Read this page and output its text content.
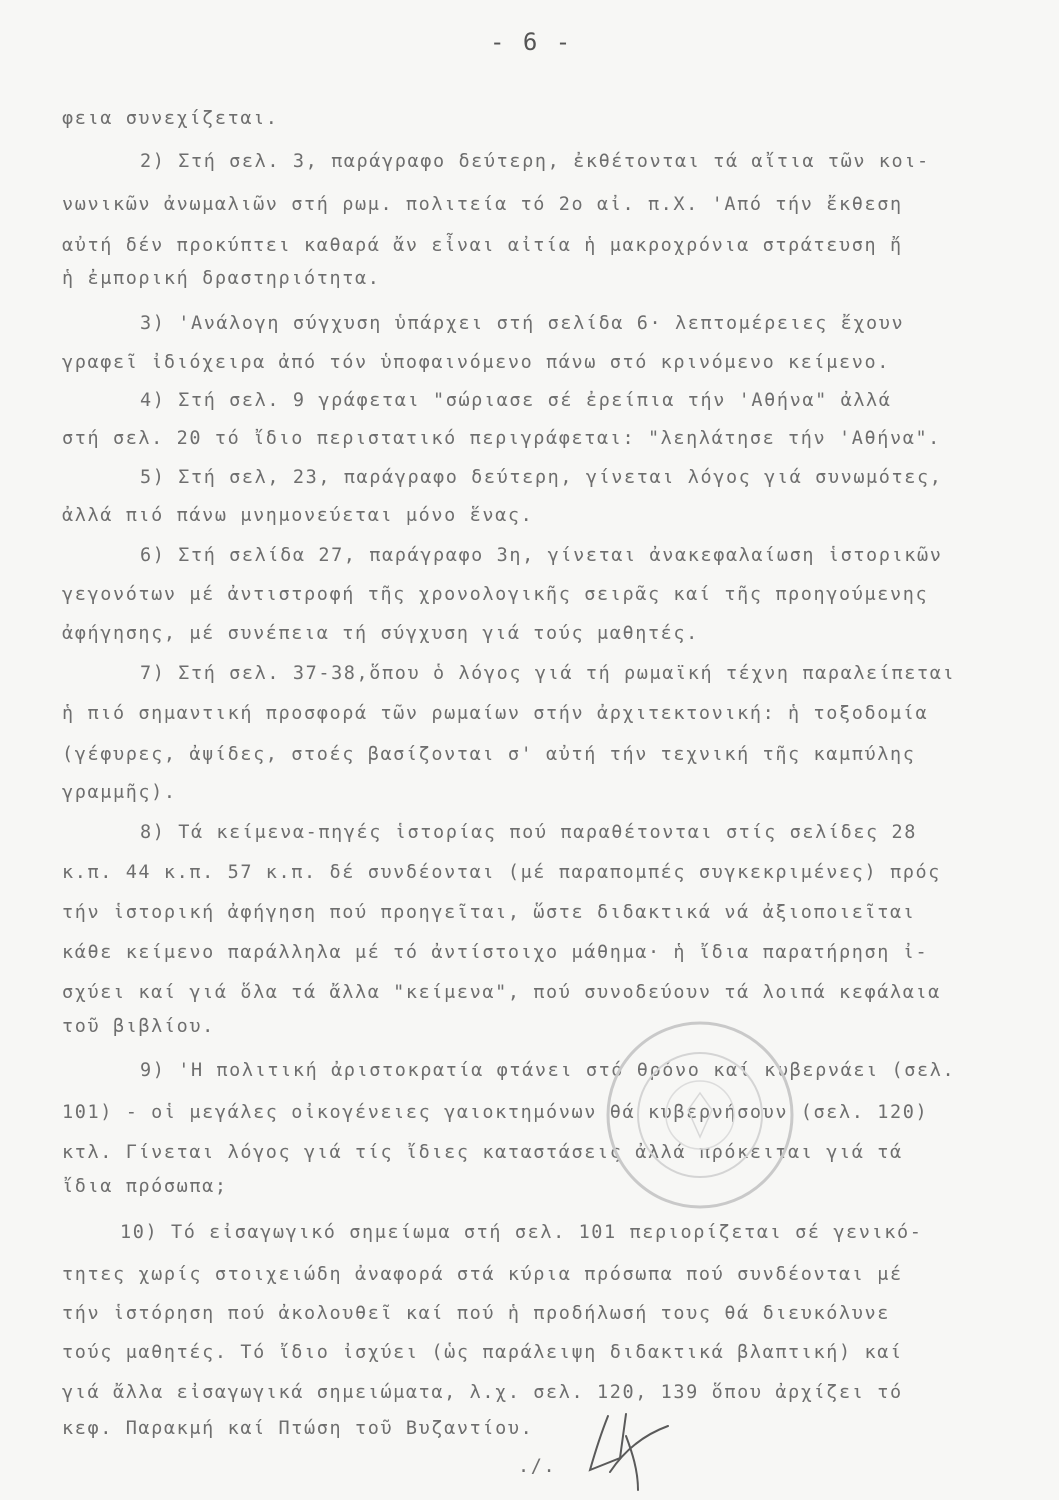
- 6 -
φεια συνεχίζεται.
2) Στή σελ. 3, παράγραφο δεύτερη, ἐκθέτονται τά αἴτια τῶν κοι-
νωνικῶν ἀνωμαλιῶν στή ρωμ. πολιτεία τό 2ο αἰ. π.Χ. 'Από τήν ἔκθεση
αὐτή δέν προκύπτει καθαρά ἄν εἶναι αἰτία ἡ μακροχρόνια στράτευση ἤ
ἡ ἐμπορική δραστηριότητα.
3) 'Ανάλογη σύγχυση ὑπάρχει στή σελίδα 6· λεπτομέρειες ἔχουν
γραφεῖ ἰδιόχειρα ἀπό τόν ὑποφαινόμενο πάνω στό κρινόμενο κείμενο.
4) Στή σελ. 9 γράφεται "σώριασε σέ ἐρείπια τήν 'Αθήνα" ἀλλά
στή σελ. 20 τό ἴδιο περιστατικό περιγράφεται: "λεηλάτησε τήν 'Αθήνα".
5) Στή σελ, 23, παράγραφο δεύτερη, γίνεται λόγος γιά συνωμότες,
ἀλλά πιό πάνω μνημονεύεται μόνο ἕνας.
6) Στή σελίδα 27, παράγραφο 3η, γίνεται ἀνακεφαλαίωση ἱστορικῶν
γεγονότων μέ ἀντιστροφή τῆς χρονολογικῆς σειρᾶς καί τῆς προηγούμενης
ἀφήγησης, μέ συνέπεια τή σύγχυση γιά τούς μαθητές.
7) Στή σελ. 37-38,ὅπου ὁ λόγος γιά τή ρωμαϊκή τέχνη παραλείπεται
ἡ πιό σημαντική προσφορά τῶν ρωμαίων στήν ἀρχιτεκτονική: ἡ τοξοδομία
(γέφυρες, ἀψίδες, στοές βασίζονται σ' αὐτή τήν τεχνική τῆς καμπύλης
γραμμῆς).
8) Τά κείμενα-πηγές ἱστορίας πού παραθέτονται στίς σελίδες 28
κ.π. 44 κ.π. 57 κ.π. δέ συνδέονται (μέ παραπομπές συγκεκριμένες) πρός
τήν ἱστορική ἀφήγηση πού προηγεῖται, ὥστε διδακτικά νά ἀξιοποιεῖται
κάθε κείμενο παράλληλα μέ τό ἀντίστοιχο μάθημα· ἡ ἴδια παρατήρηση ἰ-
σχύει καί γιά ὅλα τά ἄλλα "κείμενα", πού συνοδεύουν τά λοιπά κεφάλαια
τοῦ βιβλίου.
9) 'Η πολιτική ἀριστοκρατία φτάνει στό θρόνο καί κυβερνάει (σελ.
101) - οἱ μεγάλες οἰκογένειες γαιοκτημόνων θά κυβερνήσουν (σελ. 120)
κτλ. Γίνεται λόγος γιά τίς ἴδιες καταστάσεις ἀλλά πρόκειται γιά τά
ἴδια πρόσωπα;
10) Τό εἰσαγωγικό σημείωμα στή σελ. 101 περιορίζεται σέ γενικό-
τητες χωρίς στοιχειώδη ἀναφορά στά κύρια πρόσωπα πού συνδέονται μέ
τήν ἱστόρηση πού ἀκολουθεῖ καί πού ἡ προδήλωσή τους θά διευκόλυνε
τούς μαθητές. Τό ἴδιο ἰσχύει (ὡς παράλειψη διδακτικά βλαπτική) καί
γιά ἄλλα εἰσαγωγικά σημειώματα, λ.χ. σελ. 120, 139 ὅπου ἀρχίζει τό
κεφ. Παρακμή καί Πτώση τοῦ Βυζαντίου.
./.
